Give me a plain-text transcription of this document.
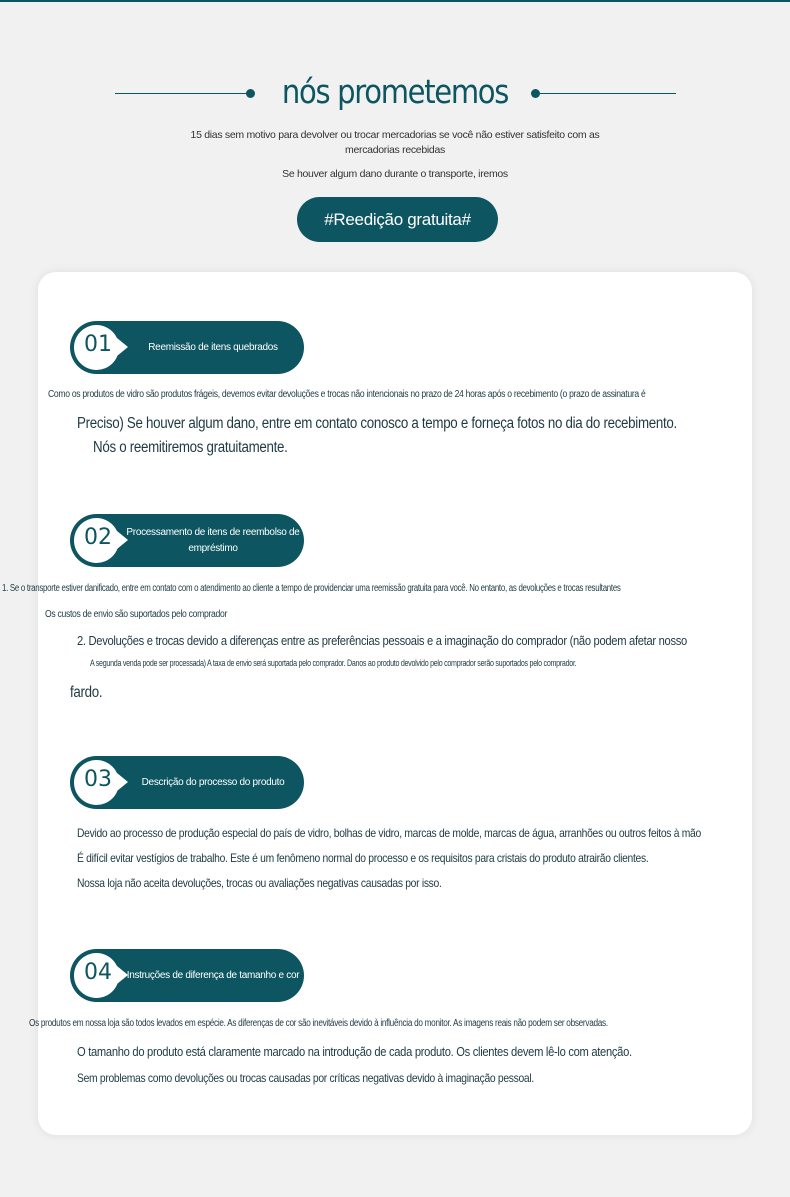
nós prometemos
15 dias sem motivo para devolver ou trocar mercadorias se você não estiver satisfeito com as mercadorias recebidas
Se houver algum dano durante o transporte, iremos
#Reedição gratuita#
01	Reemissão de itens quebrados
Como os produtos de vidro são produtos frágeis, devemos evitar devoluções e trocas não intencionais no prazo de 24 horas após o recebimento (o prazo de assinatura é
Preciso) Se houver algum dano, entre em contato conosco a tempo e forneça fotos no dia do recebimento.
Nós o reemitiremos gratuitamente.
02	Processamento de itens de reembolso de empréstimo
1. Se o transporte estiver danificado, entre em contato com o atendimento ao cliente a tempo de providenciar uma reemissão gratuita para você. No entanto, as devoluções e trocas resultantes
Os custos de envio são suportados pelo comprador
2. Devoluções e trocas devido a diferenças entre as preferências pessoais e a imaginação do comprador (não podem afetar nosso
A segunda venda pode ser processada) A taxa de envio será suportada pelo comprador. Danos ao produto devolvido pelo comprador serão suportados pelo comprador.
fardo.
03	Descrição do processo do produto
Devido ao processo de produção especial do país de vidro, bolhas de vidro, marcas de molde, marcas de água, arranhões ou outros feitos à mão
É difícil evitar vestígios de trabalho. Este é um fenômeno normal do processo e os requisitos para cristais do produto atrairão clientes.
Nossa loja não aceita devoluções, trocas ou avaliações negativas causadas por isso.
04	Instruções de diferença de tamanho e cor
Os produtos em nossa loja são todos levados em espécie. As diferenças de cor são inevitáveis devido à influência do monitor. As imagens reais não podem ser observadas.
O tamanho do produto está claramente marcado na introdução de cada produto. Os clientes devem lê-lo com atenção.
Sem problemas como devoluções ou trocas causadas por críticas negativas devido à imaginação pessoal.
